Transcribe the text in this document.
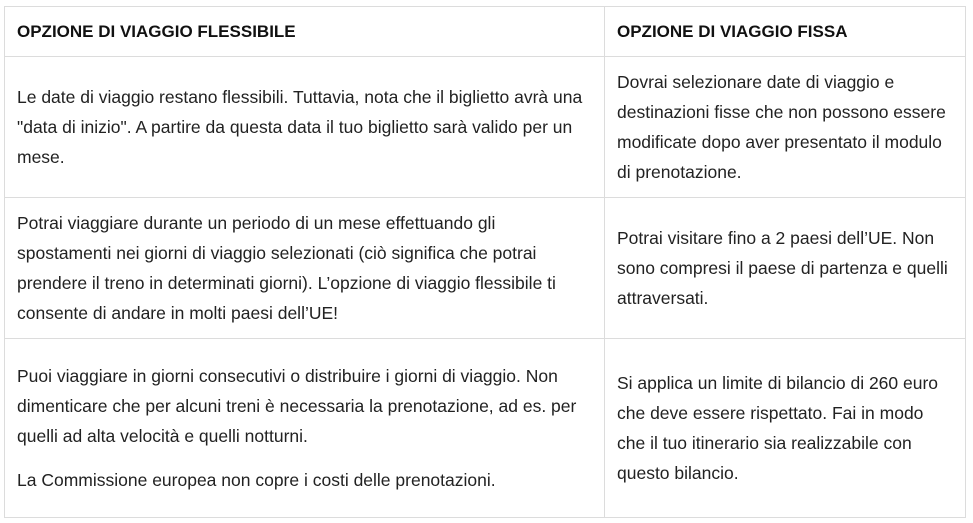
OPZIONE DI VIAGGIO FLESSIBILE	OPZIONE DI VIAGGIO FISSA

Le date di viaggio restano flessibili. Tuttavia, nota che il biglietto avrà una "data di inizio". A partire da questa data il tuo biglietto sarà valido per un mese.	Dovrai selezionare date di viaggio e destinazioni fisse che non possono essere modificate dopo aver presentato il modulo di prenotazione.

Potrai viaggiare durante un periodo di un mese effettuando gli spostamenti nei giorni di viaggio selezionati (ciò significa che potrai prendere il treno in determinati giorni). L’opzione di viaggio flessibile ti consente di andare in molti paesi dell’UE!	Potrai visitare fino a 2 paesi dell’UE. Non sono compresi il paese di partenza e quelli attraversati.

Puoi viaggiare in giorni consecutivi o distribuire i giorni di viaggio. Non dimenticare che per alcuni treni è necessaria la prenotazione, ad es. per quelli ad alta velocità e quelli notturni.

La Commissione europea non copre i costi delle prenotazioni.	Si applica un limite di bilancio di 260 euro che deve essere rispettato. Fai in modo che il tuo itinerario sia realizzabile con questo bilancio.
